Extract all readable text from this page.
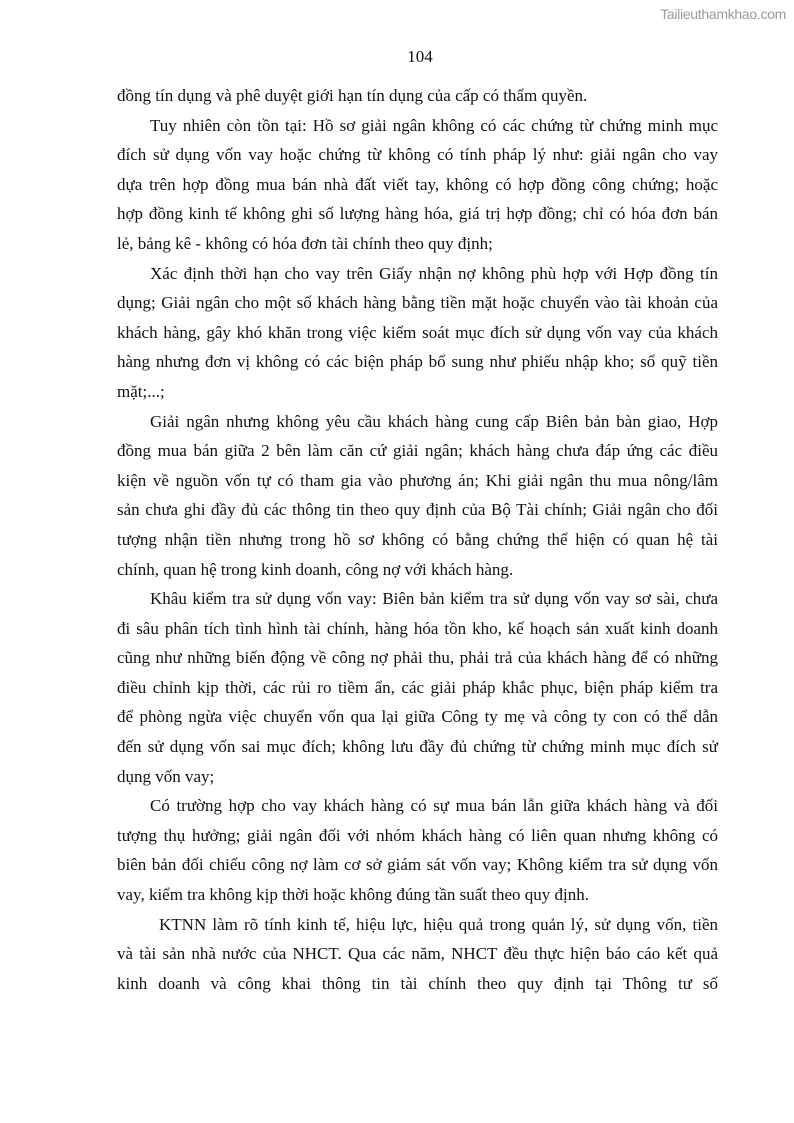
Tailieuthamkhao.com
104
đồng tín dụng và phê duyệt giới hạn tín dụng của cấp có thẩm quyền.
Tuy nhiên còn tồn tại: Hồ sơ giải ngân không có các chứng từ chứng minh mục
đích sử dụng vốn vay hoặc chứng từ không có tính pháp lý như: giải ngân cho vay
dựa trên hợp đồng mua bán nhà đất viết tay, không có hợp đồng công chứng; hoặc
hợp đồng kinh tế không ghi số lượng hàng hóa, giá trị hợp đồng; chỉ có hóa đơn bán
lẻ, bảng kê - không có hóa đơn tài chính theo quy định;
Xác định thời hạn cho vay trên Giấy nhận nợ không phù hợp với Hợp đồng tín
dụng; Giải ngân cho một số khách hàng bằng tiền mặt hoặc chuyển vào tài khoản của
khách hàng, gây khó khăn trong việc kiểm soát mục đích sử dụng vốn vay của khách
hàng nhưng đơn vị không có các biện pháp bổ sung như phiếu nhập kho; sổ quỹ tiền
mặt;...;
Giải ngân nhưng không yêu cầu khách hàng cung cấp Biên bản bàn giao, Hợp
đồng mua bán giữa 2 bên làm căn cứ giải ngân; khách hàng chưa đáp ứng các điều
kiện về nguồn vốn tự có tham gia vào phương án; Khi giải ngân thu mua nông/lâm
sản chưa ghi đầy đủ các thông tin theo quy định của Bộ Tài chính; Giải ngân cho đối
tượng nhận tiền nhưng trong hồ sơ không có bằng chứng thể hiện có quan hệ tài
chính, quan hệ trong kinh doanh, công nợ với khách hàng.
Khâu kiểm tra sử dụng vốn vay: Biên bản kiểm tra sử dụng vốn vay sơ sài, chưa
đi sâu phân tích tình hình tài chính, hàng hóa tồn kho, kế hoạch sản xuất kinh doanh
cũng như những biến động về công nợ phải thu, phải trả của khách hàng để có những
điều chỉnh kịp thời, các rủi ro tiềm ẩn, các giải pháp khắc phục, biện pháp kiểm tra
để phòng ngừa việc chuyển vốn qua lại giữa Công ty mẹ và công ty con có thể dẫn
đến sử dụng vốn sai mục đích; không lưu đầy đủ chứng từ chứng minh mục đích sử
dụng vốn vay;
Có trường hợp cho vay khách hàng có sự mua bán lẫn giữa khách hàng và đối
tượng thụ hưởng; giải ngân đối với nhóm khách hàng có liên quan nhưng không có
biên bản đối chiếu công nợ làm cơ sở giám sát vốn vay; Không kiểm tra sử dụng vốn
vay, kiểm tra không kịp thời hoặc không đúng tần suất theo quy định.
KTNN làm rõ tính kinh tế, hiệu lực, hiệu quả trong quản lý, sử dụng vốn, tiền
và tài sản nhà nước của NHCT. Qua các năm, NHCT đều thực hiện báo cáo kết quả
kinh doanh và công khai thông tin tài chính theo quy định tại Thông tư số
